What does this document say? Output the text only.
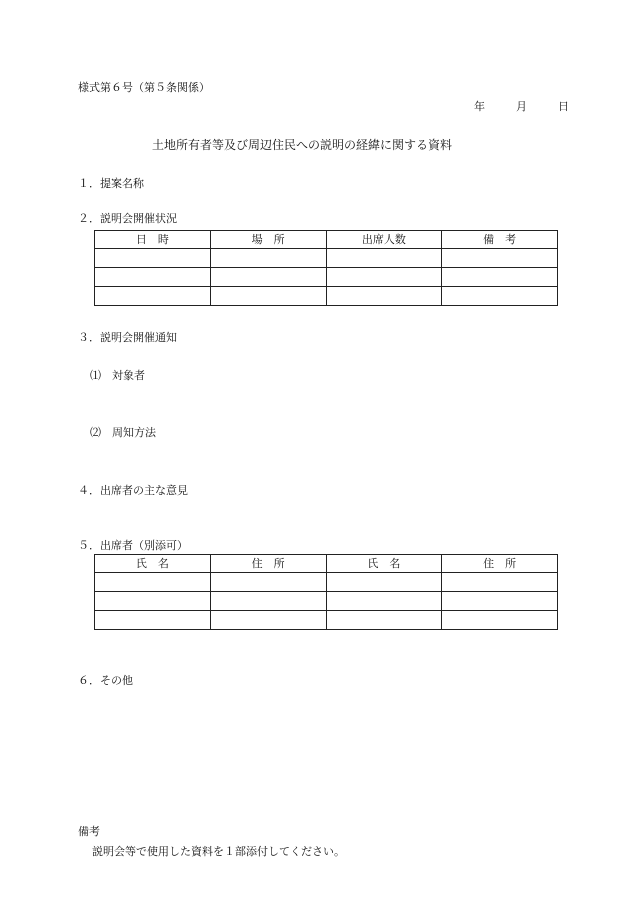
様式第６号（第５条関係）
年	月	日
土地所有者等及び周辺住民への説明の経緯に関する資料
１．提案名称
２．説明会開催状況
日　時	場　所	出席人数	備　考

３．説明会開催通知
⑴　対象者
⑵　周知方法
４．出席者の主な意見
５．出席者（別添可）
氏　名	住　所	氏　名	住　所

６．その他
備考
説明会等で使用した資料を１部添付してください。
